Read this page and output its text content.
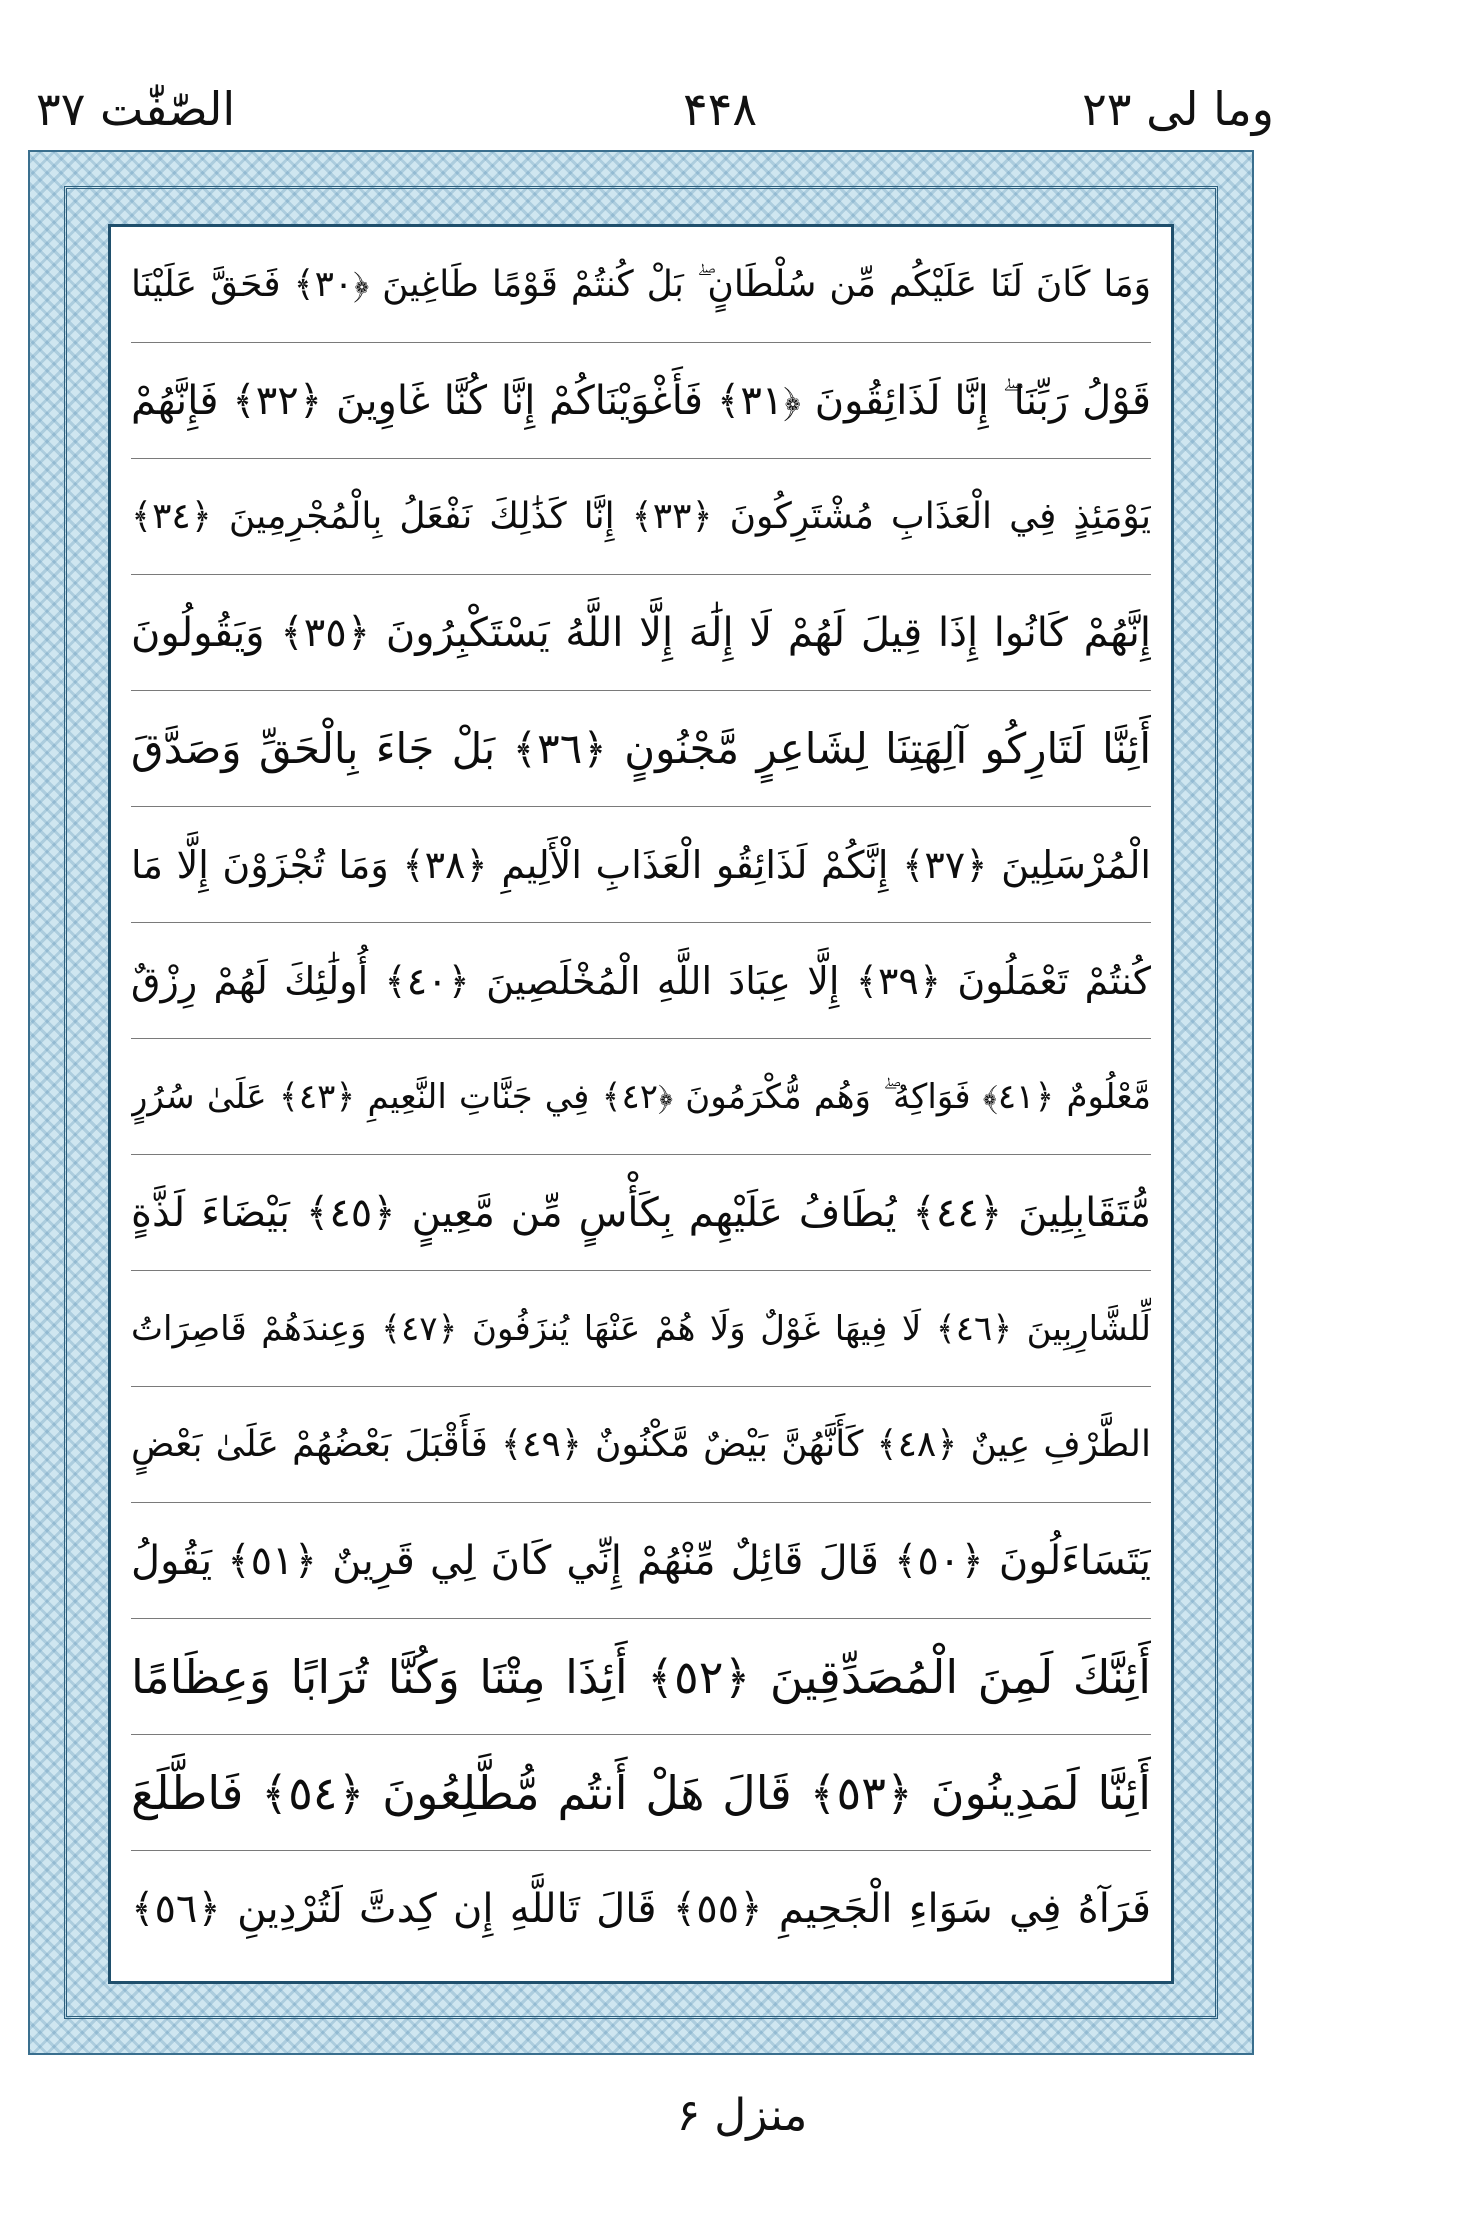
وما لی ۲۳
۴۴۸
الصّٰفّٰت ۳۷
وَمَا كَانَ لَنَا عَلَيْكُم مِّن سُلْطَانٍ ۖ بَلْ كُنتُمْ قَوْمًا طَاغِينَ ﴿٣٠﴾ فَحَقَّ عَلَيْنَا
قَوْلُ رَبِّنَا ۖ إِنَّا لَذَائِقُونَ ﴿٣١﴾ فَأَغْوَيْنَاكُمْ إِنَّا كُنَّا غَاوِينَ ﴿٣٢﴾ فَإِنَّهُمْ
يَوْمَئِذٍ فِي الْعَذَابِ مُشْتَرِكُونَ ﴿٣٣﴾ إِنَّا كَذَٰلِكَ نَفْعَلُ بِالْمُجْرِمِينَ ﴿٣٤﴾
إِنَّهُمْ كَانُوا إِذَا قِيلَ لَهُمْ لَا إِلَٰهَ إِلَّا اللَّهُ يَسْتَكْبِرُونَ ﴿٣٥﴾ وَيَقُولُونَ
أَئِنَّا لَتَارِكُو آلِهَتِنَا لِشَاعِرٍ مَّجْنُونٍ ﴿٣٦﴾ بَلْ جَاءَ بِالْحَقِّ وَصَدَّقَ
الْمُرْسَلِينَ ﴿٣٧﴾ إِنَّكُمْ لَذَائِقُو الْعَذَابِ الْأَلِيمِ ﴿٣٨﴾ وَمَا تُجْزَوْنَ إِلَّا مَا
كُنتُمْ تَعْمَلُونَ ﴿٣٩﴾ إِلَّا عِبَادَ اللَّهِ الْمُخْلَصِينَ ﴿٤٠﴾ أُولَٰئِكَ لَهُمْ رِزْقٌ
مَّعْلُومٌ ﴿٤١﴾ فَوَاكِهُ ۖ وَهُم مُّكْرَمُونَ ﴿٤٢﴾ فِي جَنَّاتِ النَّعِيمِ ﴿٤٣﴾ عَلَىٰ سُرُرٍ
مُّتَقَابِلِينَ ﴿٤٤﴾ يُطَافُ عَلَيْهِم بِكَأْسٍ مِّن مَّعِينٍ ﴿٤٥﴾ بَيْضَاءَ لَذَّةٍ
لِّلشَّارِبِينَ ﴿٤٦﴾ لَا فِيهَا غَوْلٌ وَلَا هُمْ عَنْهَا يُنزَفُونَ ﴿٤٧﴾ وَعِندَهُمْ قَاصِرَاتُ
الطَّرْفِ عِينٌ ﴿٤٨﴾ كَأَنَّهُنَّ بَيْضٌ مَّكْنُونٌ ﴿٤٩﴾ فَأَقْبَلَ بَعْضُهُمْ عَلَىٰ بَعْضٍ
يَتَسَاءَلُونَ ﴿٥٠﴾ قَالَ قَائِلٌ مِّنْهُمْ إِنِّي كَانَ لِي قَرِينٌ ﴿٥١﴾ يَقُولُ
أَئِنَّكَ لَمِنَ الْمُصَدِّقِينَ ﴿٥٢﴾ أَئِذَا مِتْنَا وَكُنَّا تُرَابًا وَعِظَامًا
أَئِنَّا لَمَدِينُونَ ﴿٥٣﴾ قَالَ هَلْ أَنتُم مُّطَّلِعُونَ ﴿٥٤﴾ فَاطَّلَعَ
فَرَآهُ فِي سَوَاءِ الْجَحِيمِ ﴿٥٥﴾ قَالَ تَاللَّهِ إِن كِدتَّ لَتُرْدِينِ ﴿٥٦﴾
منزل ۶
